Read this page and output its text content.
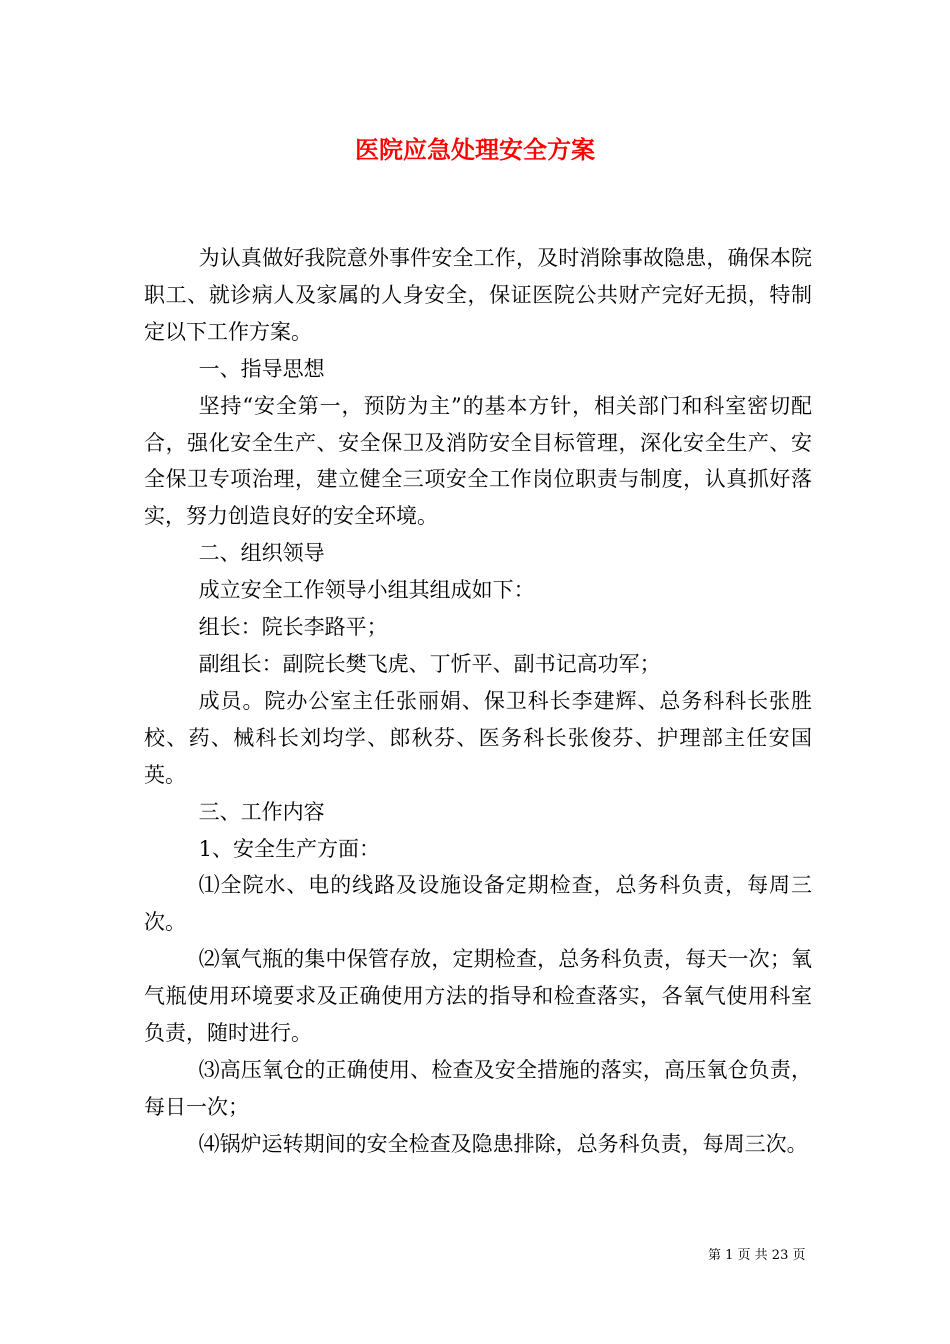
医院应急处理安全方案

为认真做好我院意外事件安全工作，及时消除事故隐患，确保本院职工、就诊病人及家属的人身安全，保证医院公共财产完好无损，特制定以下工作方案。

一、指导思想

坚持“安全第一，预防为主”的基本方针，相关部门和科室密切配合，强化安全生产、安全保卫及消防安全目标管理，深化安全生产、安全保卫专项治理，建立健全三项安全工作岗位职责与制度，认真抓好落实，努力创造良好的安全环境。

二、组织领导

成立安全工作领导小组其组成如下：

组长：院长李路平；

副组长：副院长樊飞虎、丁忻平、副书记高功军；

成员。院办公室主任张丽娟、保卫科长李建辉、总务科科长张胜校、药、械科长刘均学、郎秋芬、医务科长张俊芬、护理部主任安国英。

三、工作内容

1、安全生产方面：

⑴全院水、电的线路及设施设备定期检查，总务科负责，每周三次。

⑵氧气瓶的集中保管存放，定期检查，总务科负责，每天一次；氧气瓶使用环境要求及正确使用方法的指导和检查落实，各氧气使用科室负责，随时进行。

⑶高压氧仓的正确使用、检查及安全措施的落实，高压氧仓负责，每日一次；

⑷锅炉运转期间的安全检查及隐患排除，总务科负责，每周三次。

第 1 页 共 23 页
